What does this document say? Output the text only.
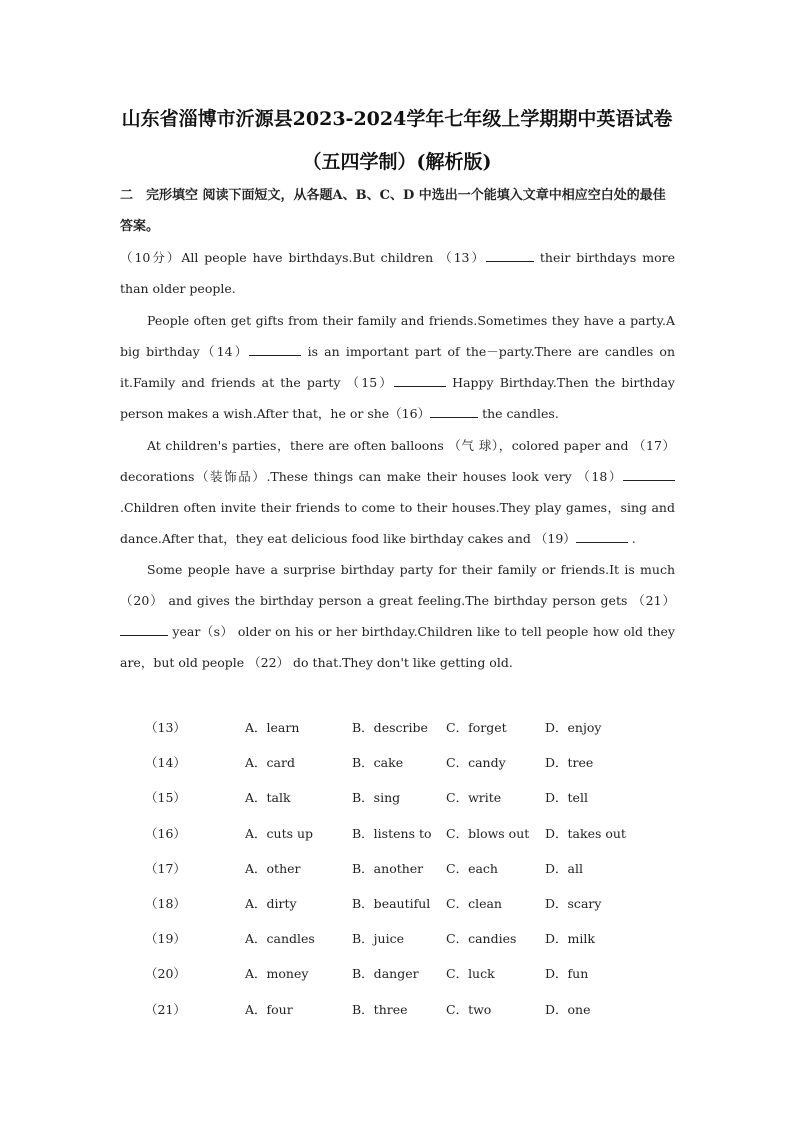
山东省淄博市沂源县2023-2024学年七年级上学期期中英语试卷
（五四学制）(解析版)
二　完形填空 阅读下面短文，从各题A、B、C、D 中选出一个能填入文章中相应空白处的最佳答案。
（10分）All people have birthdays.But children （13）	their birthdays more than older people.
People often get gifts from their family and friends.Sometimes they have a party.A big birthday（14）	is an important part of the－party.There are candles on it.Family and friends at the party （15）	Happy Birthday.Then the birthday person makes a wish.After that，he or she（16）	the candles.
At children's parties，there are often balloons （气 球），colored paper and （17） decorations（装饰品）.These things can make their houses look very （18） .Children often invite their friends to come to their houses.They play games，sing and dance.After that，they eat delicious food like birthday cakes and （19）	.
Some people have a surprise birthday party for their family or friends.It is much （20） and gives the birthday person a great feeling.The birthday person gets （21） year（s） older on his or her birthday.Children like to tell people how old they are，but old people （22） do that.They don't like getting old.
（13）	A．learn	B．describe C．forget	D．enjoy
（14）	A．card	B．cake	C．candy	D．tree
（15）	A．talk	B．sing	C．write	D．tell
（16）	A．cuts up	B．listens to C．blows out D．takes out
（17）	A．other	B．another C．each	D．all
（18）	A．dirty	B．beautiful C．clean	D．scary
（19）	A．candles	B．juice	C．candies D．milk
（20）	A．money	B．danger C．luck	D．fun
（21）	A．four	B．three	C．two	D．one
